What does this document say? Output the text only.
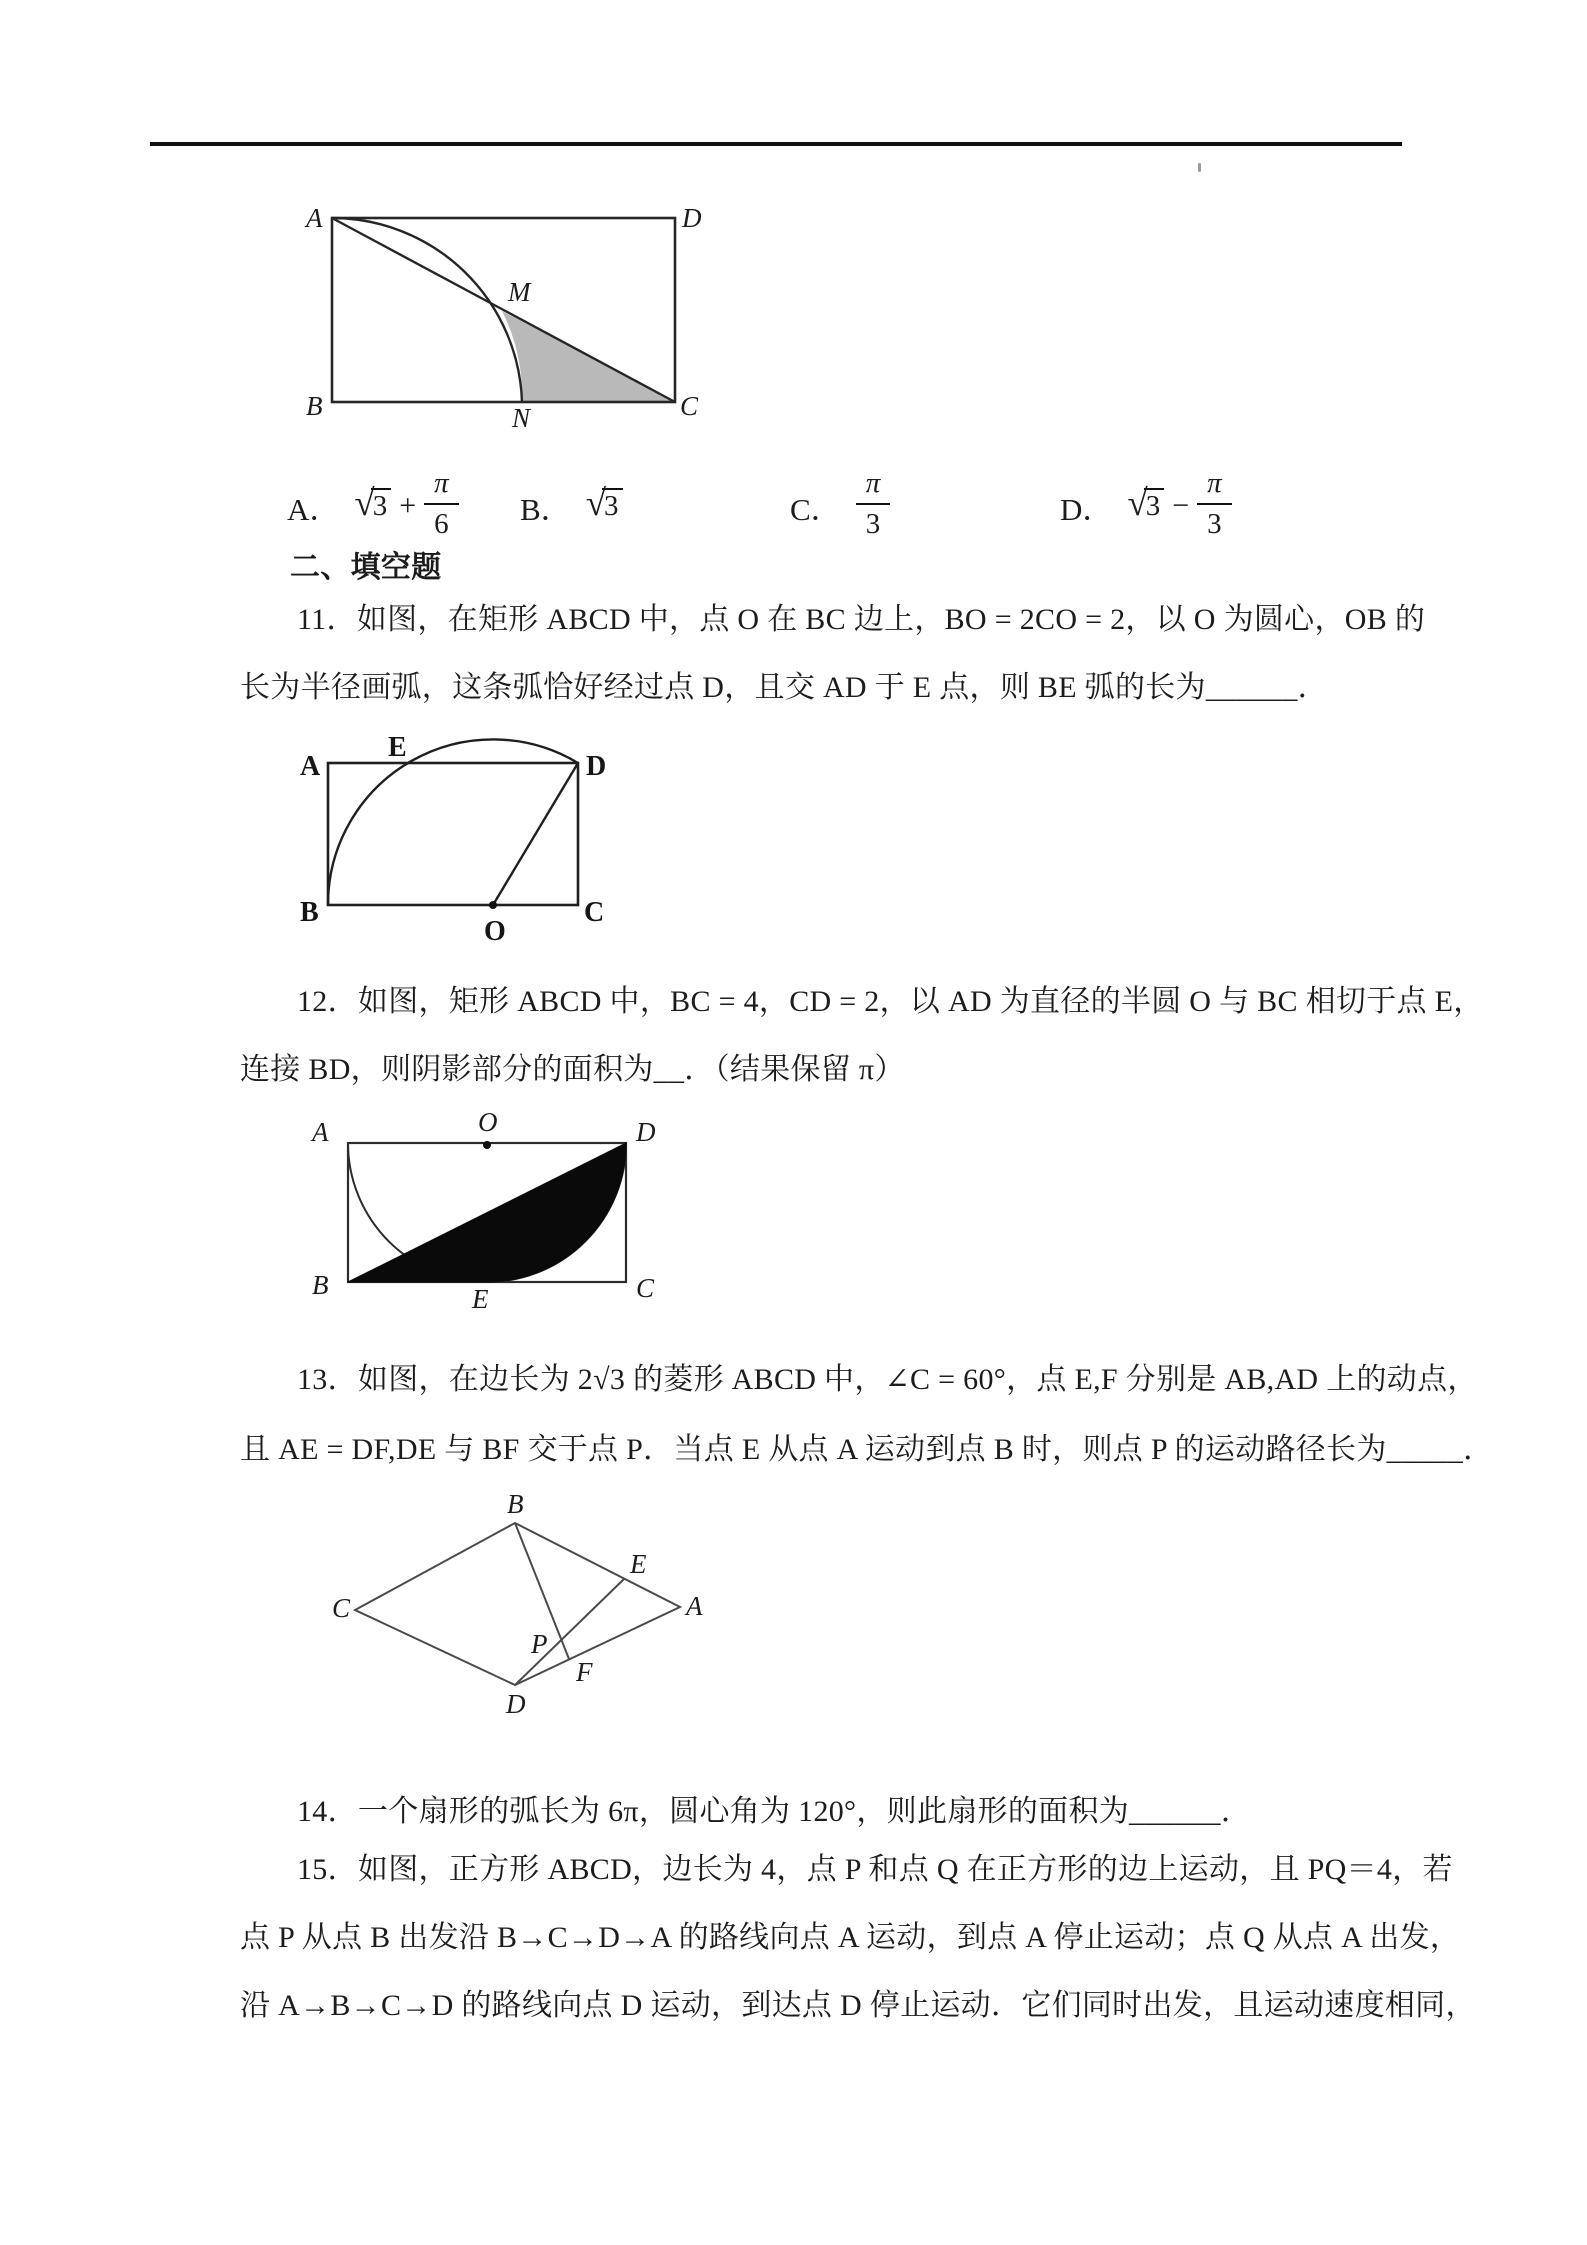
A	D
B	C
M
N
A． √
$3 + \frac{\pi}{6}$ B． √
3	C． $\frac{\pi}{3}$	D． √
$3 - \frac{\pi}{3}$
二、填空题
11．如图，在矩形 ABCD 中，点 O 在 BC 边上，BO = 2CO = 2，以 O 为圆心，OB 的
长为半径画弧，这条弧恰好经过点 D，且交 AD 于 E 点，则 BE 弧的长为______．
A
E
D
B
O
C
12．如图，矩形 ABCD 中，BC = 4，CD = 2，以 AD 为直径的半圆 O 与 BC 相切于点 E，
连接 BD，则阴影部分的面积为__．（结果保留 π）
O
A	D
B	C
E
13．如图，在边长为 2√3 的菱形 ABCD 中，∠C = 60°，点 E,F 分别是 AB,AD 上的动点，
且 AE = DF,DE 与 BF 交于点 P．当点 E 从点 A 运动到点 B 时，则点 P 的运动路径长为_____．
B
C	A
D
E
P
F
14．一个扇形的弧长为 6π，圆心角为 120°，则此扇形的面积为______．
15．如图，正方形 ABCD，边长为 4，点 P 和点 Q 在正方形的边上运动，且 PQ＝4，若
点 P 从点 B 出发沿 B→C→D→A 的路线向点 A 运动，到点 A 停止运动；点 Q 从点 A 出发，
沿 A→B→C→D 的路线向点 D 运动，到达点 D 停止运动．它们同时出发，且运动速度相同，
